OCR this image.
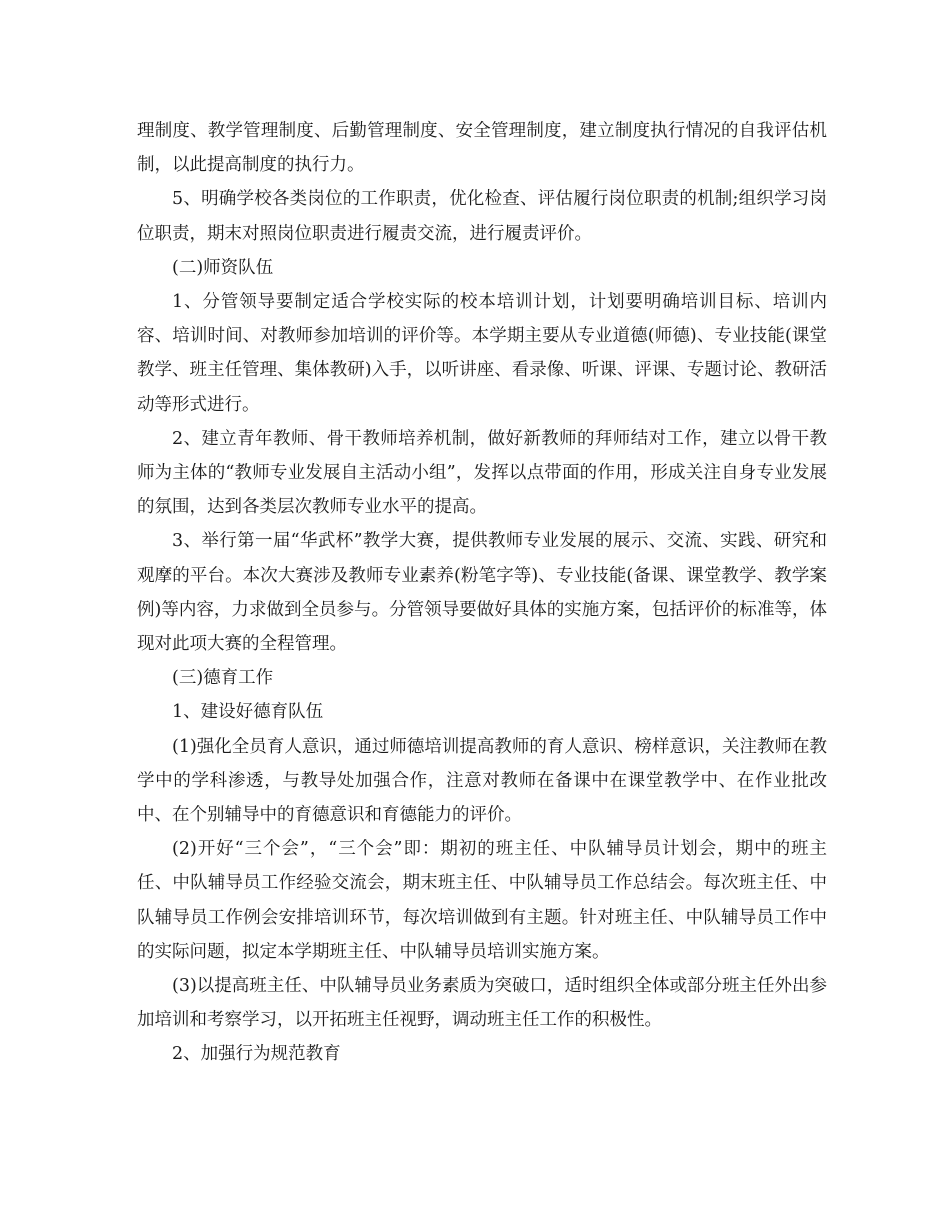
理制度、教学管理制度、后勤管理制度、安全管理制度，建立制度执行情况的自我评估机制，以此提高制度的执行力。

5、明确学校各类岗位的工作职责，优化检查、评估履行岗位职责的机制;组织学习岗位职责，期末对照岗位职责进行履责交流，进行履责评价。

(二)师资队伍

1、分管领导要制定适合学校实际的校本培训计划，计划要明确培训目标、培训内容、培训时间、对教师参加培训的评价等。本学期主要从专业道德(师德)、专业技能(课堂教学、班主任管理、集体教研)入手，以听讲座、看录像、听课、评课、专题讨论、教研活动等形式进行。

2、建立青年教师、骨干教师培养机制，做好新教师的拜师结对工作，建立以骨干教师为主体的“教师专业发展自主活动小组”，发挥以点带面的作用，形成关注自身专业发展的氛围，达到各类层次教师专业水平的提高。

3、举行第一届“华武杯”教学大赛，提供教师专业发展的展示、交流、实践、研究和观摩的平台。本次大赛涉及教师专业素养(粉笔字等)、专业技能(备课、课堂教学、教学案例)等内容，力求做到全员参与。分管领导要做好具体的实施方案，包括评价的标准等，体现对此项大赛的全程管理。

(三)德育工作

1、建设好德育队伍

(1)强化全员育人意识，通过师德培训提高教师的育人意识、榜样意识，关注教师在教学中的学科渗透，与教导处加强合作，注意对教师在备课中在课堂教学中、在作业批改中、在个别辅导中的育德意识和育德能力的评价。

(2)开好“三个会”，“三个会”即：期初的班主任、中队辅导员计划会，期中的班主任、中队辅导员工作经验交流会，期末班主任、中队辅导员工作总结会。每次班主任、中队辅导员工作例会安排培训环节，每次培训做到有主题。针对班主任、中队辅导员工作中的实际问题，拟定本学期班主任、中队辅导员培训实施方案。

(3)以提高班主任、中队辅导员业务素质为突破口，适时组织全体或部分班主任外出参加培训和考察学习，以开拓班主任视野，调动班主任工作的积极性。

2、加强行为规范教育
